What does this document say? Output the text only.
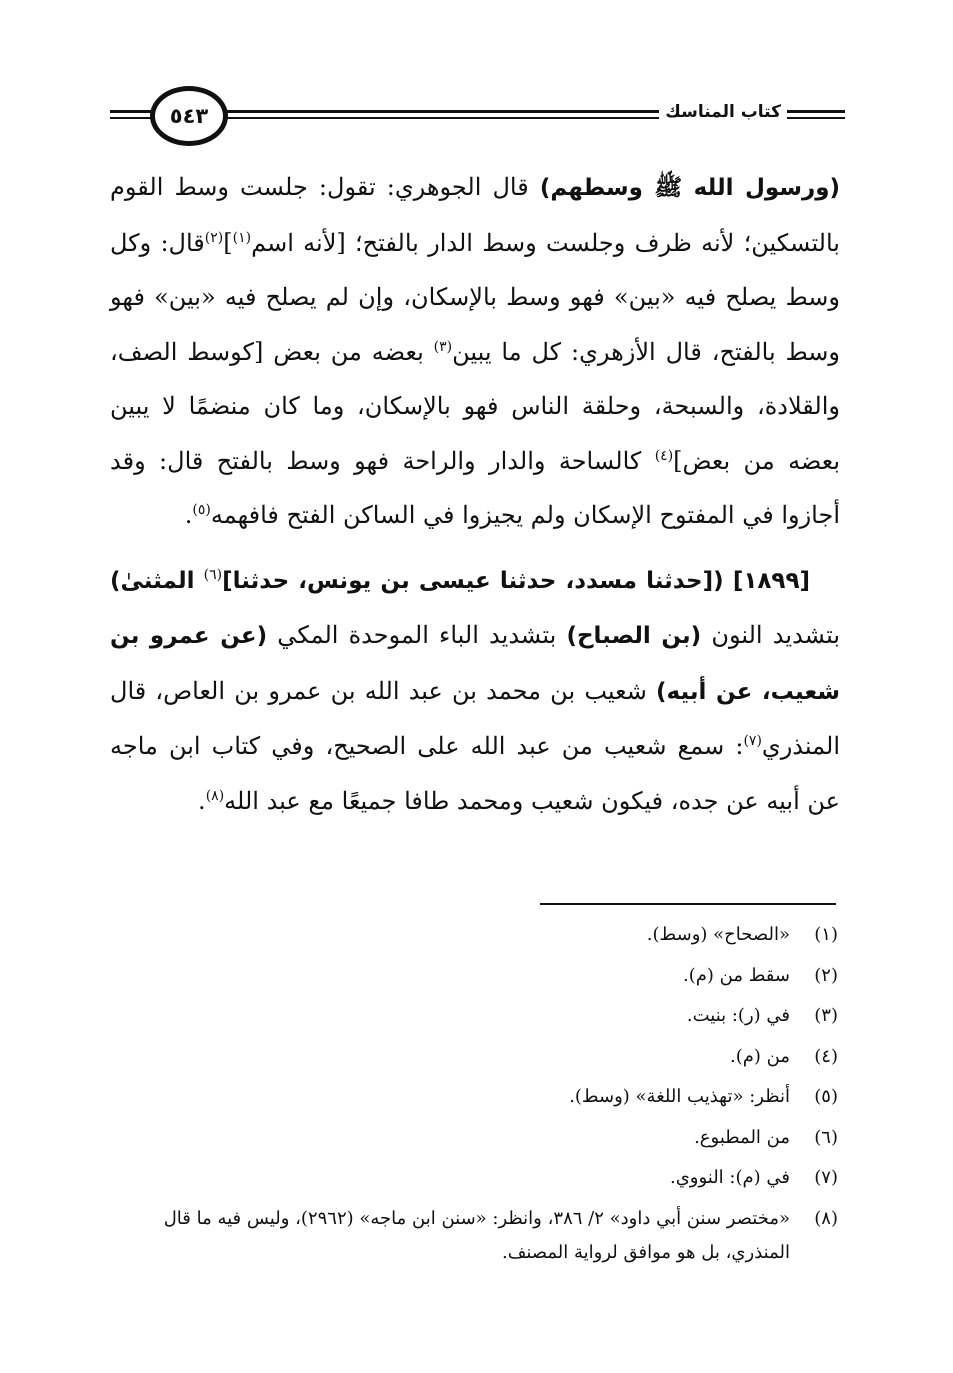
كتاب المناسك
٥٤٣

(ورسول الله ﷺ وسطهم) قال الجوهري: تقول: جلست وسط القوم بالتسكين؛ لأنه ظرف وجلست وسط الدار بالفتح؛ [لأنه اسم$^{(١)}$]$^{(٢)}$قال: وكل وسط يصلح فيه «بين» فهو وسط بالإسكان، وإن لم يصلح فيه «بين» فهو وسط بالفتح، قال الأزهري: كل ما يبين$^{(٣)}$ بعضه من بعض [كوسط الصف، والقلادة، والسبحة، وحلقة الناس فهو بالإسكان، وما كان منضمًا لا يبين بعضه من بعض]$^{(٤)}$ كالساحة والدار والراحة فهو وسط بالفتح قال: وقد أجازوا في المفتوح الإسكان ولم يجيزوا في الساكن الفتح فافهمه$^{(٥)}$.

[١٨٩٩] ([حدثنا مسدد، حدثنا عيسى بن يونس، حدثنا]$^{(٦)}$ المثنىٰ) بتشديد النون (بن الصباح) بتشديد الباء الموحدة المكي (عن عمرو بن شعيب، عن أبيه) شعيب بن محمد بن عبد الله بن عمرو بن العاص، قال المنذري$^{(٧)}$: سمع شعيب من عبد الله على الصحيح، وفي كتاب ابن ماجه عن أبيه عن جده، فيكون شعيب ومحمد طافا جميعًا مع عبد الله$^{(٨)}$.

(١)
«الصحاح» (وسط).
(٢)
سقط من (م).
(٣)
في (ر): بنيت.
(٤)
من (م).
(٥)
أنظر: «تهذيب اللغة» (وسط).
(٦)
من المطبوع.
(٧)
في (م): النووي.
(٨)
«مختصر سنن أبي داود» ٢/ ٣٨٦، وانظر: «سنن ابن ماجه» (٢٩٦٢)، وليس فيه ما قال المنذري، بل هو موافق لرواية المصنف.
